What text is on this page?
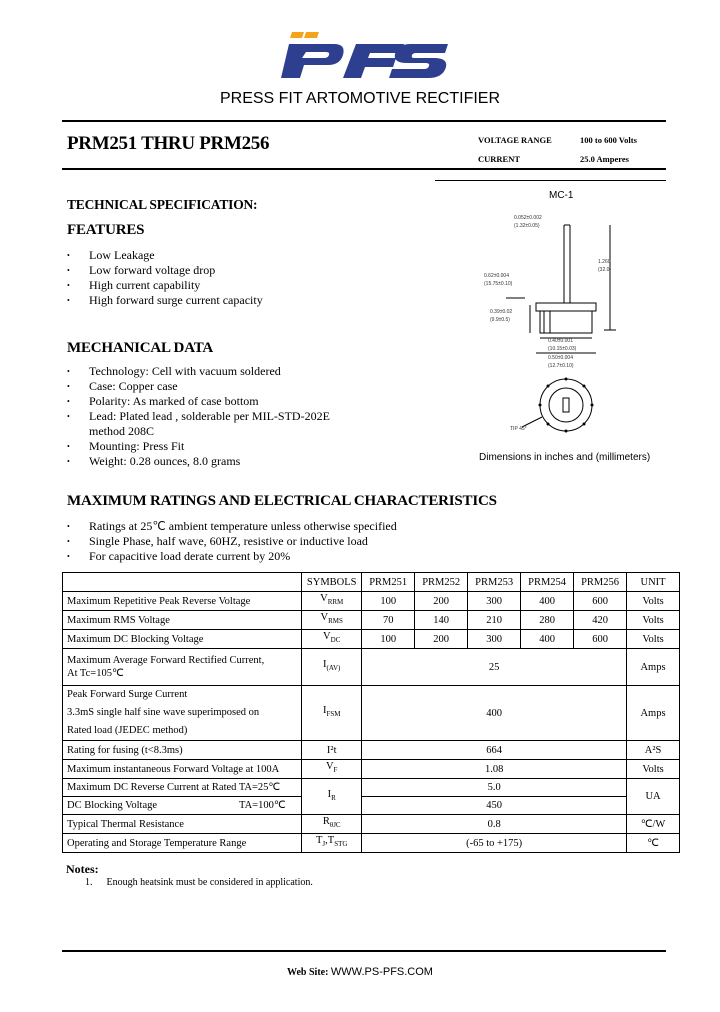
PRESS FIT ARTOMOTIVE RECTIFIER
PRM251 THRU PRM256	VOLTAGE RANGE	100 to 600 Volts
CURRENT	25.0 Amperes
TECHNICAL SPECIFICATION:
FEATURES
• Low Leakage
• Low forward voltage drop
• High current capability
• High forward surge current capacity
MECHANICAL DATA
• Technology: Cell with vacuum soldered
• Case: Copper case
• Polarity: As marked of case bottom
• Lead: Plated lead , solderable per MIL-STD-202E
method 208C
• Mounting: Press Fit
• Weight: 0.28 ounces, 8.0 grams
MC-1
0.052±0.002
(1.32±0.05)
1.260
(32.0)
0.62±0.004
(15.75±0.10)
0.39±0.02
(9.9±0.5)
0.40±0.001
(10.15±0.03)
0.50±0.004
(12.7±0.10)
TIP 45°
Dimensions in inches and (millimeters)
MAXIMUM RATINGS AND ELECTRICAL CHARACTERISTICS
• Ratings at 25℃ ambient temperature unless otherwise specified
• Single Phase, half wave, 60HZ, resistive or inductive load
• For capacitive load derate current by 20%
	SYMBOLS	PRM251	PRM252	PRM253	PRM254	PRM256	UNIT
Maximum Repetitive Peak Reverse Voltage	$V_{RRM}$	100	200	300	400	600	Volts
Maximum RMS Voltage	$V_{RMS}$	70	140	210	280	420	Volts
Maximum DC Blocking Voltage	$V_{DC}$	100	200	300	400	600	Volts

Maximum Average Forward Rectified Current,
At Tc=105℃	$I_{(AV)}$	25					Amps

Peak Forward Surge Current
3.3mS single half sine wave superimposed on
Rated load (JEDEC method)	$I_{FSM}$	400					Amps
Rating for fusing (t<8.3ms)	I²t	664					A²S
Maximum instantaneous Forward Voltage at 100A	$V_F$	1.08					Volts
Maximum DC Reverse Current at Rated TA=25℃	$I_R$	5.0					UA
DC Blocking Voltage TA=100℃		450					
Typical Thermal Resistance	$R_{\theta JC}$	0.8					℃/W
Operating and Storage Temperature Range	$T_J,T_{STG}$	(-65 to +175)					℃
Notes:
1. Enough heatsink must be considered in application.
Web Site: WWW.PS-PFS.COM
